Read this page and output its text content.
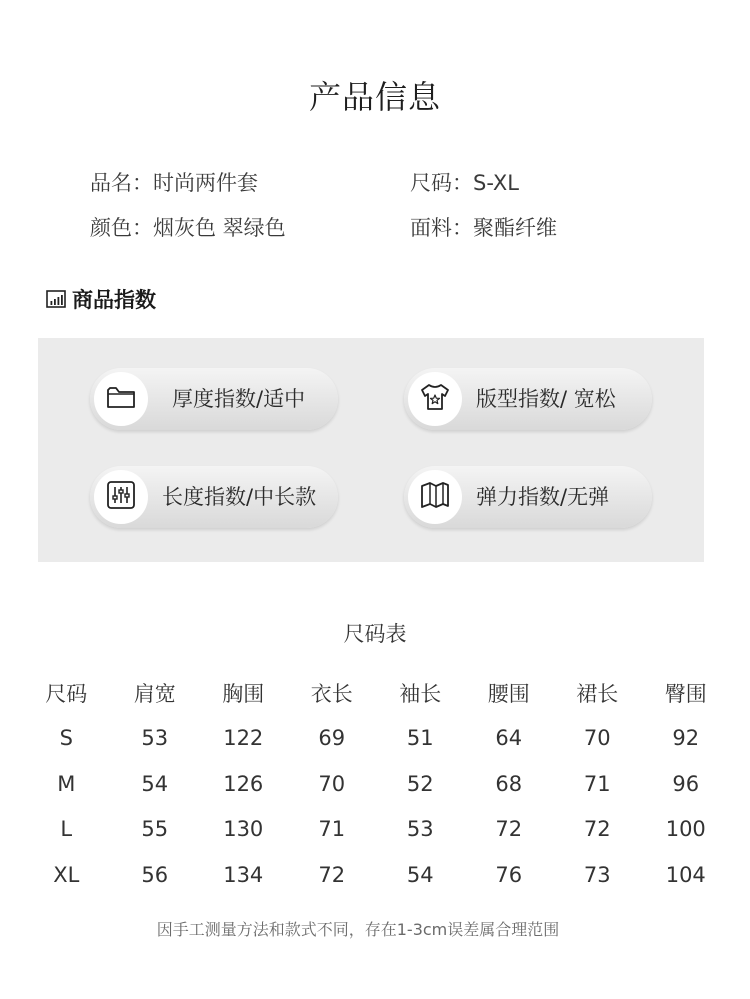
产品信息
品名：时尚两件套	尺码：S-XL
颜色：烟灰色 翠绿色	面料：聚酯纤维
商品指数
厚度指数/适中	版型指数/ 宽松
长度指数/中长款	弹力指数/无弹
尺码表
尺码	肩宽	胸围	衣长	袖长	腰围	裙长	臀围
S	53	122	69	51	64	70	92
M	54	126	70	52	68	71	96
L	55	130	71	53	72	72	100
XL	56	134	72	54	76	73	104
因手工测量方法和款式不同，存在1-3cm误差属合理范围
